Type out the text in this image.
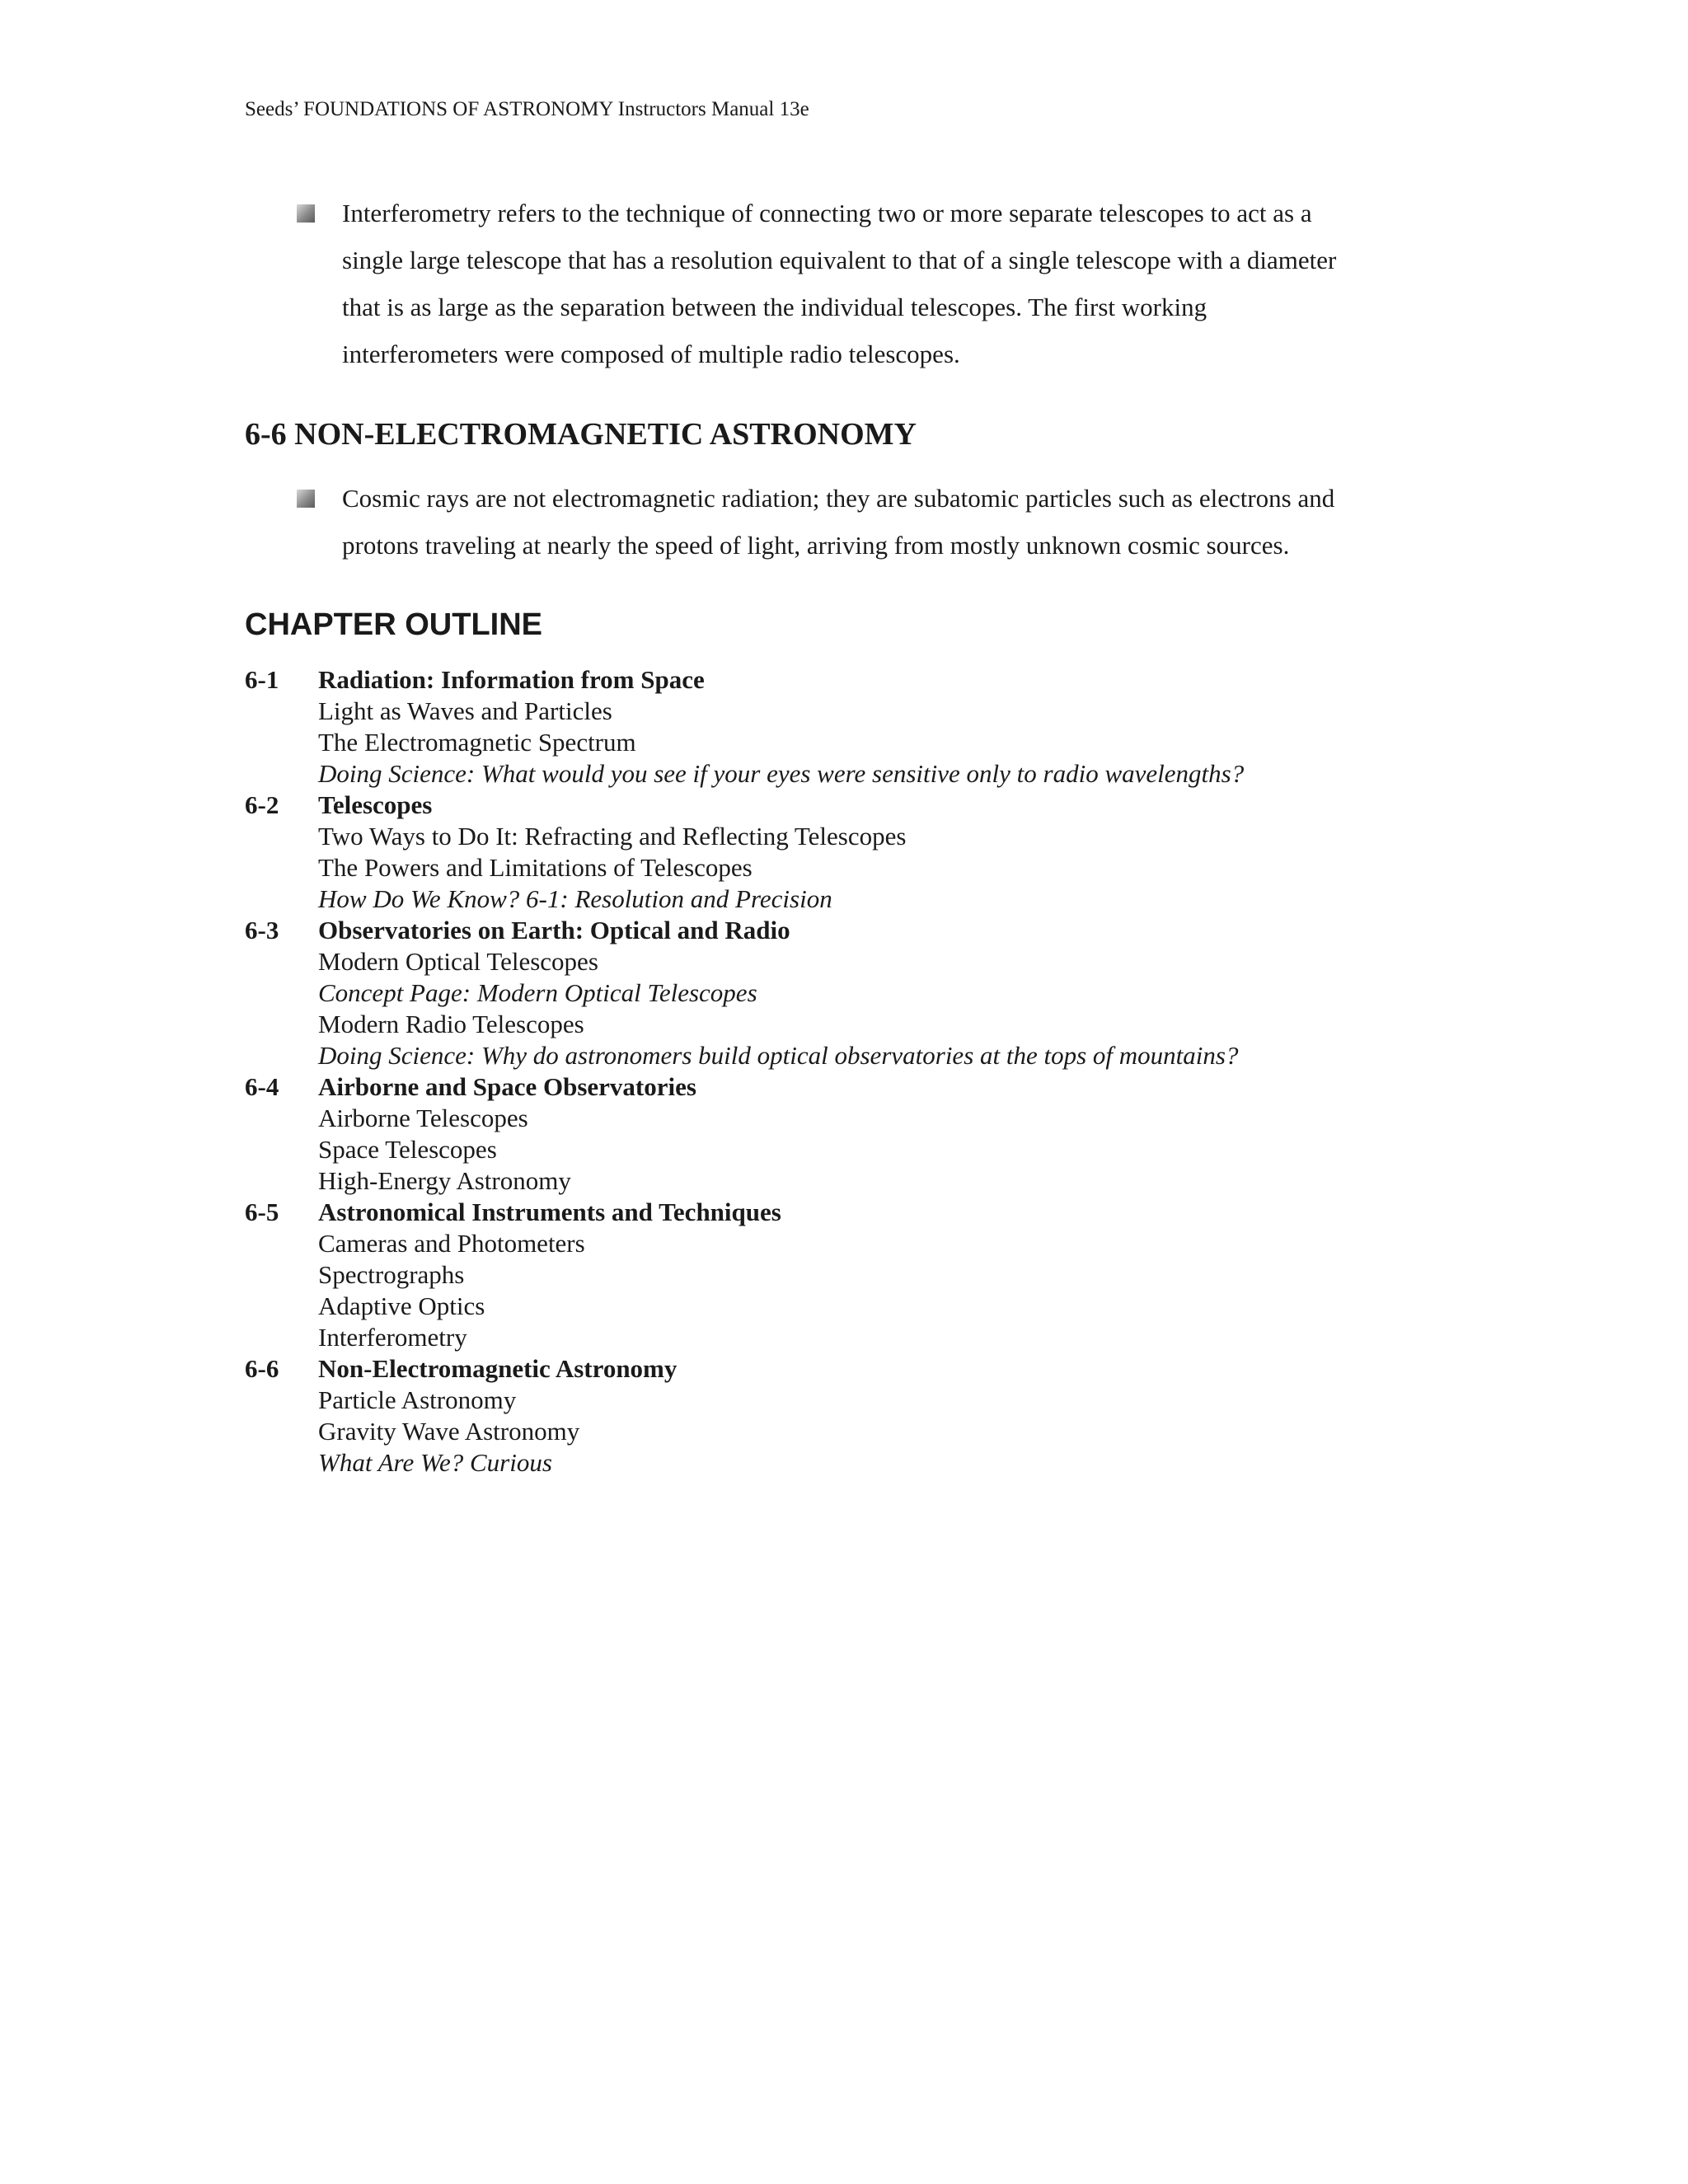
Seeds’ FOUNDATIONS OF ASTRONOMY Instructors Manual 13e
Interferometry refers to the technique of connecting two or more separate telescopes to act as a
single large telescope that has a resolution equivalent to that of a single telescope with a diameter
that is as large as the separation between the individual telescopes. The first working
interferometers were composed of multiple radio telescopes.
6-6 NON-ELECTROMAGNETIC ASTRONOMY
Cosmic rays are not electromagnetic radiation; they are subatomic particles such as electrons and
protons traveling at nearly the speed of light, arriving from mostly unknown cosmic sources.
CHAPTER OUTLINE
6-1 Radiation: Information from Space
Light as Waves and Particles
The Electromagnetic Spectrum
Doing Science: What would you see if your eyes were sensitive only to radio wavelengths?
6-2 Telescopes
Two Ways to Do It: Refracting and Reflecting Telescopes
The Powers and Limitations of Telescopes
How Do We Know? 6-1: Resolution and Precision
6-3 Observatories on Earth: Optical and Radio
Modern Optical Telescopes
Concept Page: Modern Optical Telescopes
Modern Radio Telescopes
Doing Science: Why do astronomers build optical observatories at the tops of mountains?
6-4 Airborne and Space Observatories
Airborne Telescopes
Space Telescopes
High-Energy Astronomy
6-5 Astronomical Instruments and Techniques
Cameras and Photometers
Spectrographs
Adaptive Optics
Interferometry
6-6 Non-Electromagnetic Astronomy
Particle Astronomy
Gravity Wave Astronomy
What Are We? Curious
